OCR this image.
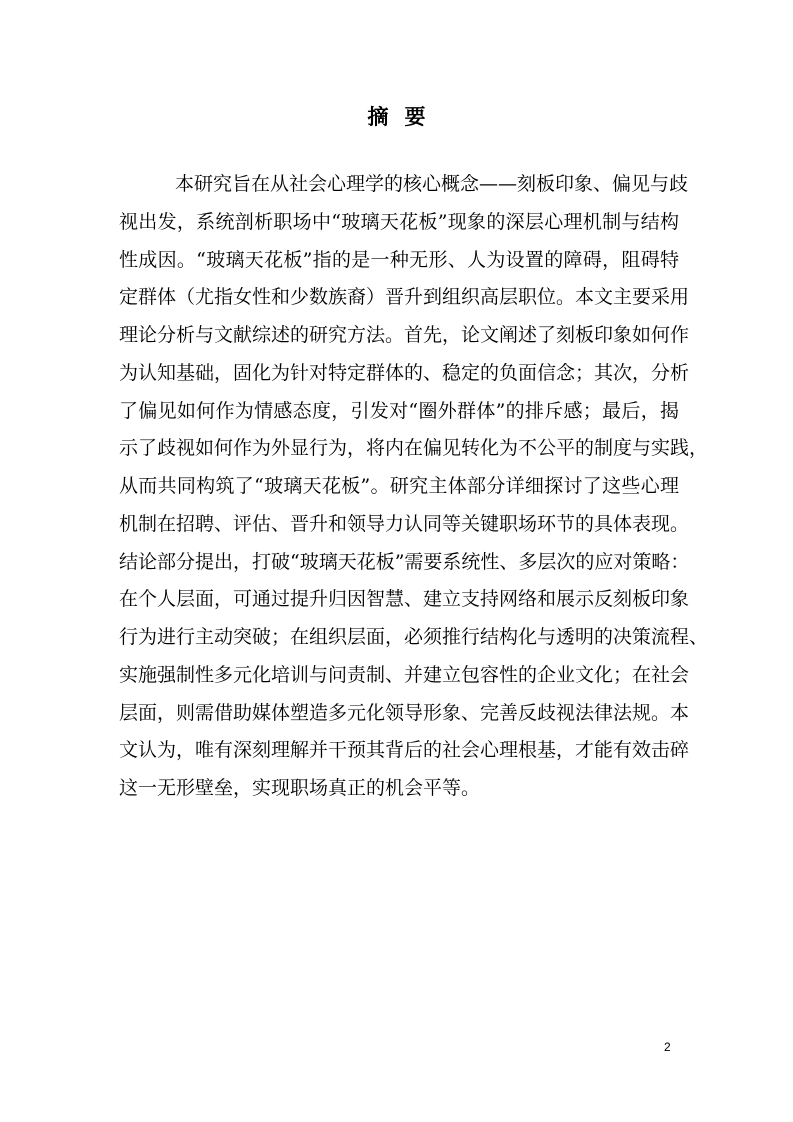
摘要
本研究旨在从社会心理学的核心概念——刻板印象、偏见与歧
视出发，系统剖析职场中“玻璃天花板”现象的深层心理机制与结构
性成因。“玻璃天花板”指的是一种无形、人为设置的障碍，阻碍特
定群体（尤指女性和少数族裔）晋升到组织高层职位。本文主要采用
理论分析与文献综述的研究方法。首先，论文阐述了刻板印象如何作
为认知基础，固化为针对特定群体的、稳定的负面信念；其次，分析
了偏见如何作为情感态度，引发对“圈外群体”的排斥感；最后，揭
示了歧视如何作为外显行为，将内在偏见转化为不公平的制度与实践，
从而共同构筑了“玻璃天花板”。研究主体部分详细探讨了这些心理
机制在招聘、评估、晋升和领导力认同等关键职场环节的具体表现。
结论部分提出，打破“玻璃天花板”需要系统性、多层次的应对策略：
在个人层面，可通过提升归因智慧、建立支持网络和展示反刻板印象
行为进行主动突破；在组织层面，必须推行结构化与透明的决策流程、
实施强制性多元化培训与问责制、并建立包容性的企业文化；在社会
层面，则需借助媒体塑造多元化领导形象、完善反歧视法律法规。本
文认为，唯有深刻理解并干预其背后的社会心理根基，才能有效击碎
这一无形壁垒，实现职场真正的机会平等。
2
